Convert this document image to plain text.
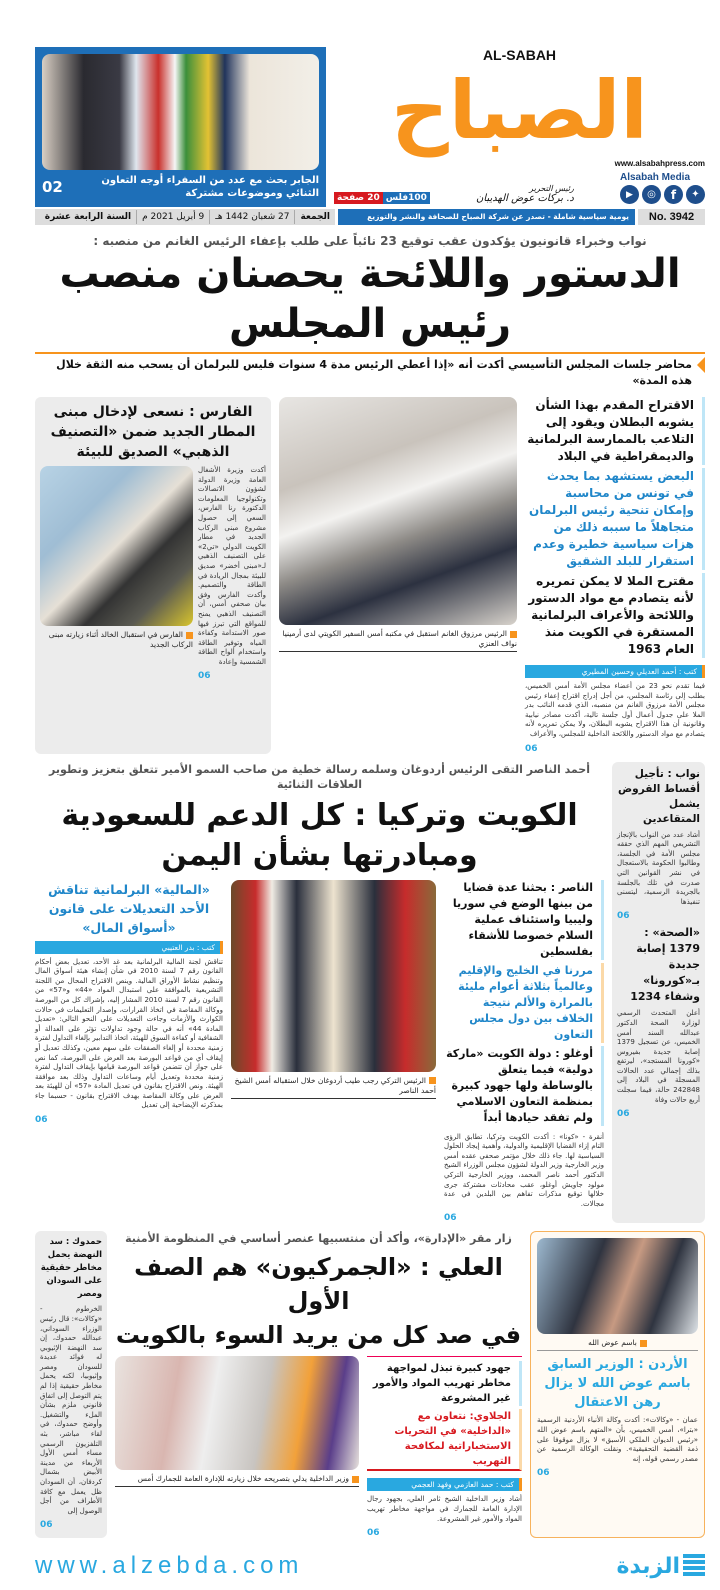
الجابر بحث مع عدد من السفراء أوجه التعاون الثنائي وموضوعات مشتركة
02
AL-SABAH
الصباح
www.alsabahpress.com
100فلس
20 صفحة
رئيس التحرير
د. بركات عوض الهديبان
Alsabah Media
▶	◎	f	✦
الجمعة
27 شعبان 1442 هـ
9 أبريل 2021 م
السنة الرابعة عشرة	يومية سياسية شاملة - تصدر عن شركة الصباح للصحافة والنشر والتوزيع	No. 3942
نواب وخبراء قانونيون يؤكدون عقب توقيع 23 نائباً على طلب بإعفاء الرئيس الغانم من منصبه :
الدستور واللائحة يحصنان منصب رئيس المجلس
محاضر جلسات المجلس التأسيسي أكدت أنه «إذا أعطي الرئيس مدة 4 سنوات فليس للبرلمان أن يسحب منه الثقة خلال هذه المدة»
الاقتراح المقدم بهذا الشأن يشوبه البطلان ويقود إلى التلاعب بالممارسة البرلمانية والديمقراطية في البلاد
البعض يستشهد بما يحدث في تونس من محاسبة وإمكان تنحية رئيس البرلمان متجاهلاً ما سببه ذلك من هزات سياسية خطيرة وعدم استقرار للبلد الشقيق
مقترح الملا لا يمكن تمريره لأنه يتصادم مع مواد الدستور واللائحة والأعراف البرلمانية المستقرة في الكويت منذ العام 1963
كتب : أحمد العديلي وحسين المطيري
فيما تقدم نحو 23 من أعضاء مجلس الأمة أمس الخميس، بطلب إلى رئاسة المجلس، من أجل إدراج اقتراح إعفاء رئيس مجلس الأمة مرزوق الغانم من منصبه، الذي قدمه النائب بدر الملا على جدول أعمال أول جلسة تالية، أكدت مصادر نيابية وقانونية أن هذا الاقتراح يشوبه البطلان، ولا يمكن تمريره لأنه يتصادم مع مواد الدستور واللائحة الداخلية للمجلس، والأعراف
06
الرئيس مرزوق الغانم استقبل في مكتبه أمس السفير الكويتي لدى أرمينيا نواف العنزي
الفارس : نسعى لإدخال مبنى المطار الجديد ضمن «التصنيف الذهبي» الصديق للبيئة
أكدت وزيرة الأشغال العامة وزيرة الدولة لشؤون الاتصالات وتكنولوجيا المعلومات الدكتورة رنا الفارس، السعي إلى حصول مشروع مبنى الركاب الجديد في مطار الكويت الدولي «تي2» على التصنيف الذهبي لـ«مبنى أخضر» صديق للبيئة بمجال الريادة في الطاقة والتصميم. وأكدت الفارس وفق بيان صحفي أمس، أن التصنيف الذهبي يمنح للمواقع التي تبرز فيها صور الاستدامة وكفاءة المياه وتوفير الطاقة واستخدام ألواح الطاقة الشمسية وإعادة
06
الفارس في استقبال الخالد أثناء زيارته مبنى الركاب الجديد
نواب : تأجيل أقساط القروض يشمل المتقاعدين
أشاد عدد من النواب بالإنجاز التشريعي المهم الذي حققه مجلس الأمة في الجلسة، وطالبوا الحكومة بالاستعجال في نشر القوانين التي صدرت في تلك بالجلسة بالجريدة الرسمية، ليتسنى تنفيذها
06
«الصحة» : 1379 إصابة جديدة بـ«كورونا» وشفاء 1234
أعلن المتحدث الرسمي لوزارة الصحة الدكتور عبدالله السند أمس الخميس، عن تسجيل 1379 إصابة جديدة بفيروس «كورونا المستجد»، ليرتفع بذلك إجمالي عدد الحالات المسجلة في البلاد إلى 242848 حالة، فيما سجلت أربع حالات وفاة
06
أحمد الناصر التقى الرئيس أردوغان وسلمه رسالة خطية من صاحب السمو الأمير تتعلق بتعزيز وتطوير العلاقات الثنائية
الكويت وتركيا : كل الدعم للسعودية ومبادرتها بشأن اليمن
الناصر : بحثنا عدة قضايا من بينها الوضع في سوريا وليبيا واستئناف عملية السلام خصوصا للأشقاء بفلسطين
مررنا في الخليج والإقليم وعالمياً بثلاثة أعوام مليئة بالمرارة والألم نتيجة الخلاف بين دول مجلس التعاون
أوغلو : دولة الكويت «ماركة دولية» فيما يتعلق بالوساطة ولها جهود كبيرة بمنظمة التعاون الاسلامي ولم تفقد حيادها أبداً
أنقرة - «كونا» : أكدت الكويت وتركيا، تطابق الرؤى التام إزاء القضايا الإقليمية والدولية، وأهمية إيجاد الحلول السياسية لها. جاء ذلك خلال مؤتمر صحفي عقده أمس وزير الخارجية وزير الدولة لشؤون مجلس الوزراء الشيخ الدكتور أحمد ناصر المحمد، ووزير الخارجية التركي مولود جاويش أوغلو، عقب محادثات مشتركة جرى خلالها توقيع مذكرات تفاهم بين البلدين في عدة مجالات.
06
الرئيس التركي رجب طيب أردوغان خلال استقباله أمس الشيخ أحمد الناصر
«المالية» البرلمانية تناقش الأحد التعديلات على قانون «أسواق المال»
كتب : بدر العتيبي
تناقش لجنة المالية البرلمانية بعد غد الأحد، تعديل بعض أحكام القانون رقم 7 لسنة 2010 في شأن إنشاء هيئة أسواق المال وتنظيم نشاط الأوراق المالية. وينص الاقتراح المحال من اللجنة التشريعية بالموافقة على استبدال المواد «44» و«57» من القانون رقم 7 لسنة 2010 المشار إليه، بإشراك كل من البورصة ووكالة المقاصة في اتخاذ القرارات، وإصدار التعليمات في حالات الكوارث والأزمات وجاءت التعديلات على النحو التالي: «تعديل المادة 44» أنه في حالة وجود تداولات تؤثر على العدالة أو الشفافية أو كفاءة السوق للهيئة، اتخاذ التدابير بإلغاء التداول لفترة زمنية محددة أو إلغاء الصفقات على سهم معين، وكذلك تعديل أو إيقاف أي من قواعد البورصة بعد العرض على البورصة، كما نص على جواز أن تتضمن قواعد البورصة قيامها بإيقاف التداول لفترة زمنية محددة وتعديل أيام وساعات التداول وذلك بعد موافقة الهيئة. ونص الاقتراح بقانون في تعديل المادة «57» أن للهيئة بعد العرض على وكالة المقاصة بهدف الاقتراح بقانون - حسبما جاء بمذكرته الإيضاحية إلى تعديل
06
باسم عوض الله
الأردن : الوزير السابق باسم عوض الله لا يزال رهن الاعتقال
عمان - «وكالات»: أكدت وكالة الأنباء الأردنية الرسمية «بترا»، أمس الخميس، بأن «المتهم باسم عوض الله «رئيس الديوان الملكي الأسبق» لا يزال موقوفا على ذمة القضية التحقيقية». ونقلت الوكالة الرسمية عن مصدر رسمي قوله، إنه
06
زار مقر «الإدارة»، وأكد أن منتسبيها عنصر أساسي في المنظومة الأمنية
العلي : «الجمركيون» هم الصف الأول
في صد كل من يريد السوء بالكويت
جهود كبيرة تبذل لمواجهة مخاطر تهريب المواد والأمور غير المشروعة
الجلاوي: نتعاون مع «الداخلية» في التحريات الاستخباراتية لمكافحة التهريب
كتب : حمد العازمي وفهد العجمي
أشاد وزير الداخلية الشيخ ثامر العلي، بجهود رجال الإدارة العامة للجمارك في مواجهة مخاطر تهريب المواد والأمور غير المشروعة.
06
وزير الداخلية يدلي بتصريحه خلال زيارته للإدارة العامة للجمارك أمس
حمدوك : سد النهضة يحمل مخاطر حقيقية على السودان ومصر
الخرطوم - «وكالات»: قال رئيس الوزراء السوداني، عبدالله حمدوك، إن سد النهضة الإثيوبي له فوائد عديدة للسودان ومصر وإثيوبيا، لكنه يحمل مخاطر حقيقية إذا لم يتم التوصل إلى اتفاق قانوني ملزم بشأن الملء والتشغيل. وأوضح حمدوك، في لقاء مباشر، بثه التلفزيون الرسمي مساء أمس الأول الأربعاء من مدينة الأبيض بشمال كردفان، أن السودان ظل يعمل مع كافة الأطراف من أجل الوصول إلى
06
www.alzebda.com	الزبدة
